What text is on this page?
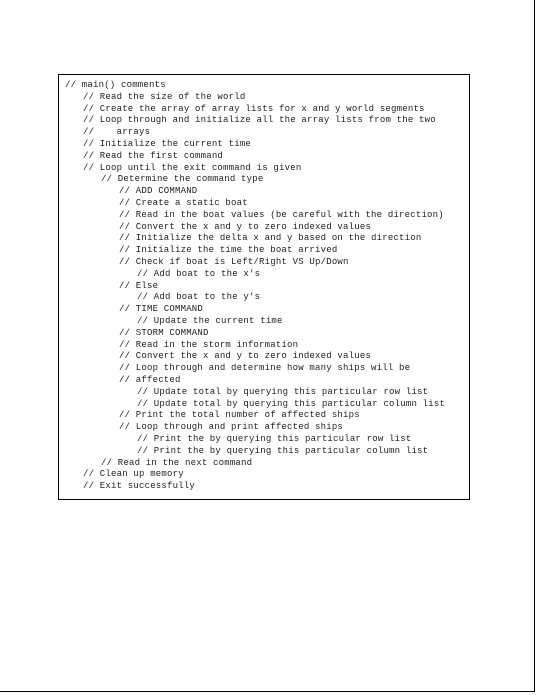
// main() comments
// Read the size of the world
// Create the array of array lists for x and y world segments
// Loop through and initialize all the array lists from the two
//    arrays
// Initialize the current time
// Read the first command
// Loop until the exit command is given
// Determine the command type
// ADD COMMAND
// Create a static boat
// Read in the boat values (be careful with the direction)
// Convert the x and y to zero indexed values
// Initialize the delta x and y based on the direction
// Initialize the time the boat arrived
// Check if boat is Left/Right VS Up/Down
// Add boat to the x's
// Else
// Add boat to the y's
// TIME COMMAND
// Update the current time
// STORM COMMAND
// Read in the storm information
// Convert the x and y to zero indexed values
// Loop through and determine how many ships will be
// affected
// Update total by querying this particular row list
// Update total by querying this particular column list
// Print the total number of affected ships
// Loop through and print affected ships
// Print the by querying this particular row list
// Print the by querying this particular column list
// Read in the next command
// Clean up memory
// Exit successfully
